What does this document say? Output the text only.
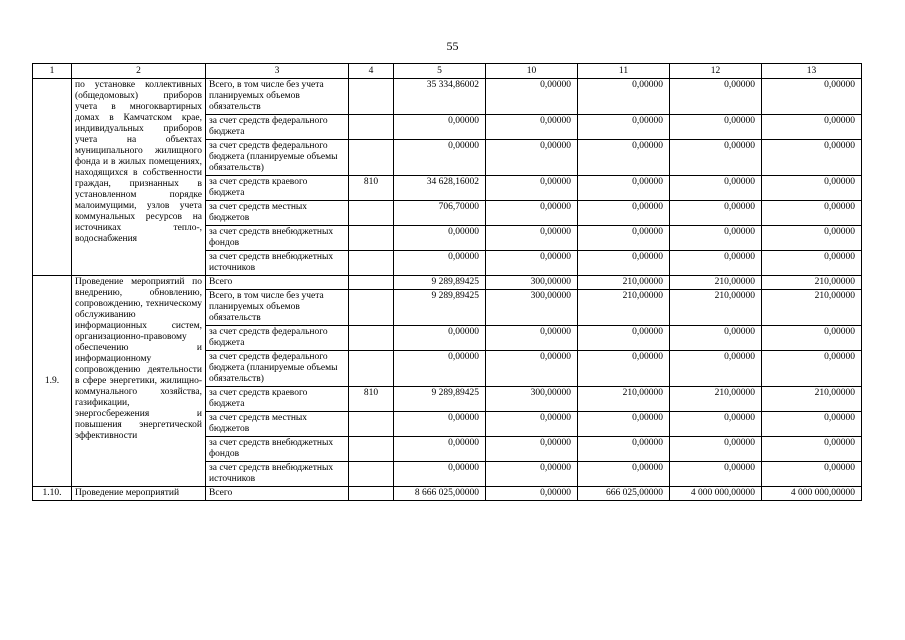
55
1	2	3	4	5	10	11	12	13
	по установке коллективных (общедомовых) приборов учета в многоквартирных домах в Камчатском крае, индивидуальных приборов учета на объектах муниципального жилищного фонда и в жилых помещениях, находящихся в собственности граждан, признанных в установленном порядке малоимущими, узлов учета коммунальных ресурсов на источниках тепло-, водоснабжения	Всего, в том числе без учета планируемых объемов обязательств		35 334,86002	0,00000	0,00000	0,00000	0,00000
		за счет средств федерального бюджета		0,00000	0,00000	0,00000	0,00000	0,00000
		за счет средств федерального бюджета (планируемые объемы обязательств)		0,00000	0,00000	0,00000	0,00000	0,00000
		за счет средств краевого бюджета	810	34 628,16002	0,00000	0,00000	0,00000	0,00000
		за счет средств местных бюджетов		706,70000	0,00000	0,00000	0,00000	0,00000
		за счет средств внебюджетных фондов		0,00000	0,00000	0,00000	0,00000	0,00000
		за счет средств внебюджетных источников		0,00000	0,00000	0,00000	0,00000	0,00000
1.9.	Проведение мероприятий по внедрению, обновлению, сопровождению, техническому обслуживанию информационных систем, организационно-правовому обеспечению и информационному сопровождению деятельности в сфере энергетики, жилищно-коммунального хозяйства, газификации, энергосбережения и повышения энергетической эффективности	Всего		9 289,89425	300,00000	210,00000	210,00000	210,00000
		Всего, в том числе без учета планируемых объемов обязательств		9 289,89425	300,00000	210,00000	210,00000	210,00000
		за счет средств федерального бюджета		0,00000	0,00000	0,00000	0,00000	0,00000
		за счет средств федерального бюджета (планируемые объемы обязательств)		0,00000	0,00000	0,00000	0,00000	0,00000
		за счет средств краевого бюджета	810	9 289,89425	300,00000	210,00000	210,00000	210,00000
		за счет средств местных бюджетов		0,00000	0,00000	0,00000	0,00000	0,00000
		за счет средств внебюджетных фондов		0,00000	0,00000	0,00000	0,00000	0,00000
		за счет средств внебюджетных источников		0,00000	0,00000	0,00000	0,00000	0,00000
1.10.	Проведение мероприятий	Всего		8 666 025,00000	0,00000	666 025,00000	4 000 000,00000	4 000 000,00000
